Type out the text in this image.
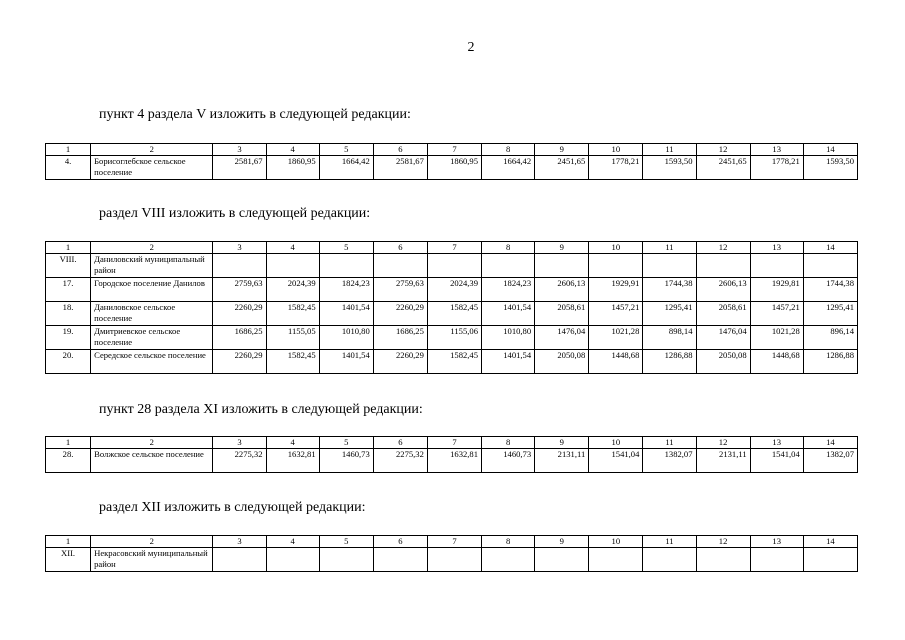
2
пункт 4 раздела V изложить в следующей редакции:
1	2	3	4	5	6	7	8	9	10	11	12	13	14
4.	Борисоглебское сельское поселение	2581,67	1860,95	1664,42	2581,67	1860,95	1664,42	2451,65	1778,21	1593,50	2451,65	1778,21	1593,50
раздел VIII изложить в следующей редакции:
1	2	3	4	5	6	7	8	9	10	11	12	13	14
VIII.	Даниловский муниципальный район												
17.	Городское поселение Данилов	2759,63	2024,39	1824,23	2759,63	2024,39	1824,23	2606,13	1929,91	1744,38	2606,13	1929,81	1744,38
18.	Даниловское сельское поселение	2260,29	1582,45	1401,54	2260,29	1582,45	1401,54	2058,61	1457,21	1295,41	2058,61	1457,21	1295,41
19.	Дмитриевское сельское поселение	1686,25	1155,05	1010,80	1686,25	1155,06	1010,80	1476,04	1021,28	898,14	1476,04	1021,28	896,14
20.	Середское сельское поселение	2260,29	1582,45	1401,54	2260,29	1582,45	1401,54	2050,08	1448,68	1286,88	2050,08	1448,68	1286,88
пункт 28 раздела XI изложить в следующей редакции:
1	2	3	4	5	6	7	8	9	10	11	12	13	14
28.	Волжское сельское поселение	2275,32	1632,81	1460,73	2275,32	1632,81	1460,73	2131,11	1541,04	1382,07	2131,11	1541,04	1382,07
раздел XII изложить в следующей редакции:
1	2	3	4	5	6	7	8	9	10	11	12	13	14
XII.	Некрасовский муниципальный район												
